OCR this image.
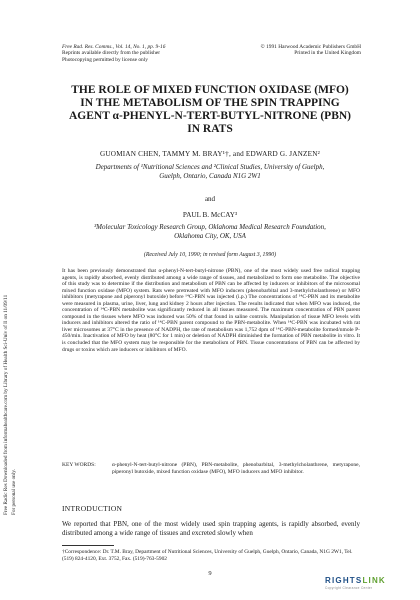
Free Radic Res Downloaded from informahealthcare.com by Library of Health Sci-Univ of Il on 11/09/11 For personal use only.
Free Rad. Res. Comms., Vol. 14, No. 1, pp. 9-16
Reprints available directly from the publisher
Photocopying permitted by license only
© 1991 Harwood Academic Publishers GmbH
Printed in the United Kingdom
THE ROLE OF MIXED FUNCTION OXIDASE (MFO)
IN THE METABOLISM OF THE SPIN TRAPPING
AGENT α-PHENYL-N-TERT-BUTYL-NITRONE (PBN)
IN RATS
GUOMIAN CHEN, TAMMY M. BRAY¹†, and EDWARD G. JANZEN²
Departments of ¹Nutritional Sciences and ²Clinical Studies, University of Guelph,
Guelph, Ontario, Canada N1G 2W1
and
PAUL B. McCAY³
³Molecular Toxicology Research Group, Oklahoma Medical Research Foundation,
Oklahoma City, OK, USA
(Received July 10, 1990; in revised form August 3, 1990)
It has been previously demonstrated that α-phenyl-N-tert-butyl-nitrone (PBN), one of the most widely used free radical trapping agents, is rapidly absorbed, evenly distributed among a wide range of tissues, and metabolized to form one metabolite. The objective of this study was to determine if the distribution and metabolism of PBN can be affected by inducers or inhibitors of the microsomal mixed function oxidase (MFO) system. Rats were pretreated with MFO inducers (phenobarbital and 3-methylcholanthrene) or MFO inhibitors (metyrapone and piperonyl butoxide) before ¹⁴C-PBN was injected (i.p.) The concentrations of ¹⁴C-PBN and its metabolite were measured in plasma, urine, liver, lung and kidney 2 hours after injection. The results indicated that when MFO was induced, the concentration of ¹⁴C-PBN metabolite was significantly reduced in all tissues measured. The maximum concentration of PBN parent compound in the tissues where MFO was induced was 50% of that found in saline controls. Manipulation of tissue MFO levels with inducers and inhibitors altered the ratio of ¹⁴C-PBN parent compound to the PBN-metabolite. When ¹⁴C-PBN was incubated with rat liver microsomes at 37°C in the presence of NADPH, the rate of metabolism was 1,752 dpm of ¹⁴C-PBN-metabolite formed/nmole P-450/min. Inactivation of MFO by heat (80°C for 1 min) or deletion of NADPH diminished the formation of PBN metabolite in vitro. It is concluded that the MFO system may be responsible for the metabolism of PBN. Tissue concentrations of PBN can be affected by drugs or toxins which are inducers or inhibitors of MFO.
KEY WORDS:	α-phenyl-N-tert-butyl-nitrone (PBN), PBN-metabolite, phenobarbital, 3-methylcholanthrene, metyrapone, piperonyl butoxide, mixed function oxidase (MFO), MFO inducers and MFO inhibitor.
INTRODUCTION
We reported that PBN, one of the most widely used spin trapping agents, is rapidly absorbed, evenly distributed among a wide range of tissues and excreted slowly when
†Correspondence: Dr. T.M. Bray, Department of Nutritional Sciences, University of Guelph, Guelph, Ontario, Canada, N1G 2W1, Tel. (519) 824-4120, Ext. 3752, Fax. (519)-763-5902
9
RIGHTSLINK
Copyright Clearance Center
